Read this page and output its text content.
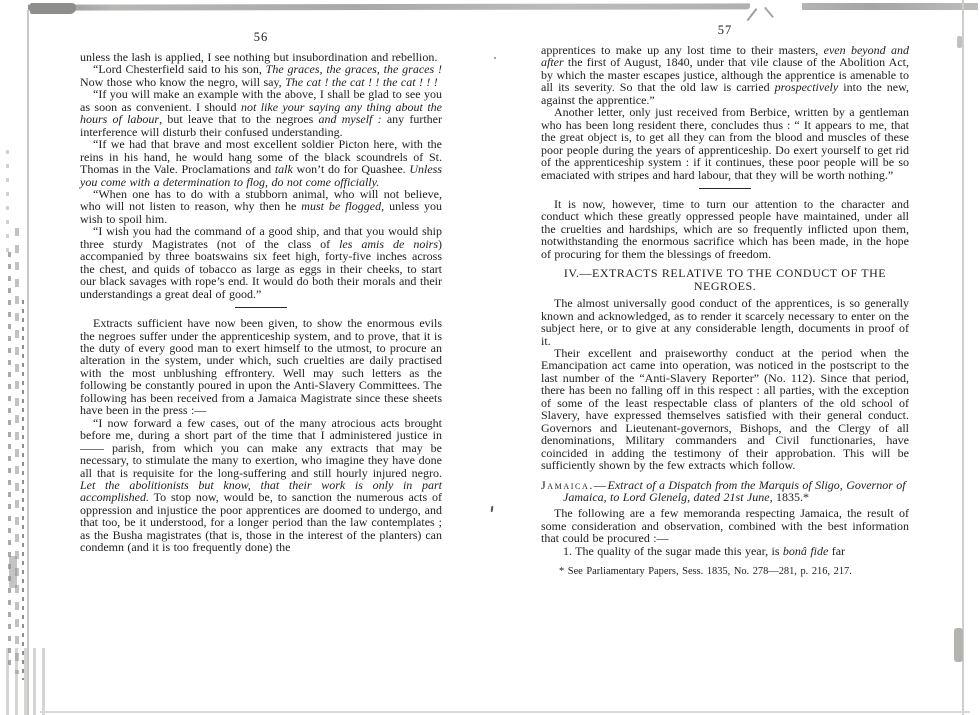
56

unless the lash is applied, I see nothing but insubordination and rebellion.

“Lord Chesterfield said to his son, The graces, the graces, the graces ! Now those who know the negro, will say, The cat ! the cat ! ! the cat ! ! !

“If you will make an example with the above, I shall be glad to see you as soon as convenient. I should not like your saying any thing about the hours of labour, but leave that to the negroes and myself : any further interference will disturb their confused understanding.

“If we had that brave and most excellent soldier Picton here, with the reins in his hand, he would hang some of the black scoundrels of St. Thomas in the Vale. Proclamations and talk won’t do for Quashee. Unless you come with a determination to flog, do not come officially.

“When one has to do with a stubborn animal, who will not believe, who will not listen to reason, why then he must be flogged, unless you wish to spoil him.

“I wish you had the command of a good ship, and that you would ship three sturdy Magistrates (not of the class of les amis de noirs) accompanied by three boatswains six feet high, forty-five inches across the chest, and quids of tobacco as large as eggs in their cheeks, to start our black savages with rope’s end. It would do both their morals and their understandings a great deal of good.”

Extracts sufficient have now been given, to show the enormous evils the negroes suffer under the apprenticeship system, and to prove, that it is the duty of every good man to exert himself to the utmost, to procure an alteration in the system, under which, such cruelties are daily practised with the most unblushing effrontery. Well may such letters as the following be constantly poured in upon the Anti-Slavery Committees. The following has been received from a Jamaica Magistrate since these sheets have been in the press :—

“I now forward a few cases, out of the many atrocious acts brought before me, during a short part of the time that I administered justice in —— parish, from which you can make any extracts that may be necessary, to stimulate the many to exertion, who imagine they have done all that is requisite for the long-suffering and still hourly injured negro. Let the abolitionists but know, that their work is only in part accomplished. To stop now, would be, to sanction the numerous acts of oppression and injustice the poor apprentices are doomed to undergo, and that too, be it understood, for a longer period than the law contemplates ; as the Busha magistrates (that is, those in the interest of the planters) can condemn (and it is too frequently done) the

57

apprentices to make up any lost time to their masters, even beyond and after the first of August, 1840, under that vile clause of the Abolition Act, by which the master escapes justice, although the apprentice is amenable to all its severity. So that the old law is carried prospectively into the new, against the apprentice.”

Another letter, only just received from Berbice, written by a gentleman who has been long resident there, concludes thus : “ It appears to me, that the great object is, to get all they can from the blood and muscles of these poor people during the years of apprenticeship. Do exert yourself to get rid of the apprenticeship system : if it continues, these poor people will be so emaciated with stripes and hard labour, that they will be worth nothing.”

It is now, however, time to turn our attention to the character and conduct which these greatly oppressed people have maintained, under all the cruelties and hardships, which are so frequently inflicted upon them, notwithstanding the enormous sacrifice which has been made, in the hope of procuring for them the blessings of freedom.

IV.—EXTRACTS RELATIVE TO THE CONDUCT OF THE NEGROES.

The almost universally good conduct of the apprentices, is so generally known and acknowledged, as to render it scarcely necessary to enter on the subject here, or to give at any considerable length, documents in proof of it.

Their excellent and praiseworthy conduct at the period when the Emancipation act came into operation, was noticed in the postscript to the last number of the “Anti-Slavery Reporter” (No. 112). Since that period, there has been no falling off in this respect : all parties, with the exception of some of the least respectable class of planters of the old school of Slavery, have expressed themselves satisfied with their general conduct. Governors and Lieutenant-governors, Bishops, and the Clergy of all denominations, Military commanders and Civil functionaries, have coincided in adding the testimony of their approbation. This will be sufficiently shown by the few extracts which follow.

Jamaica.—Extract of a Dispatch from the Marquis of Sligo, Governor of Jamaica, to Lord Glenelg, dated 21st June, 1835.*

The following are a few memoranda respecting Jamaica, the result of some consideration and observation, combined with the best information that could be procured :—

1. The quality of the sugar made this year, is bonâ fide far

* See Parliamentary Papers, Sess. 1835, No. 278—281, p. 216, 217.
